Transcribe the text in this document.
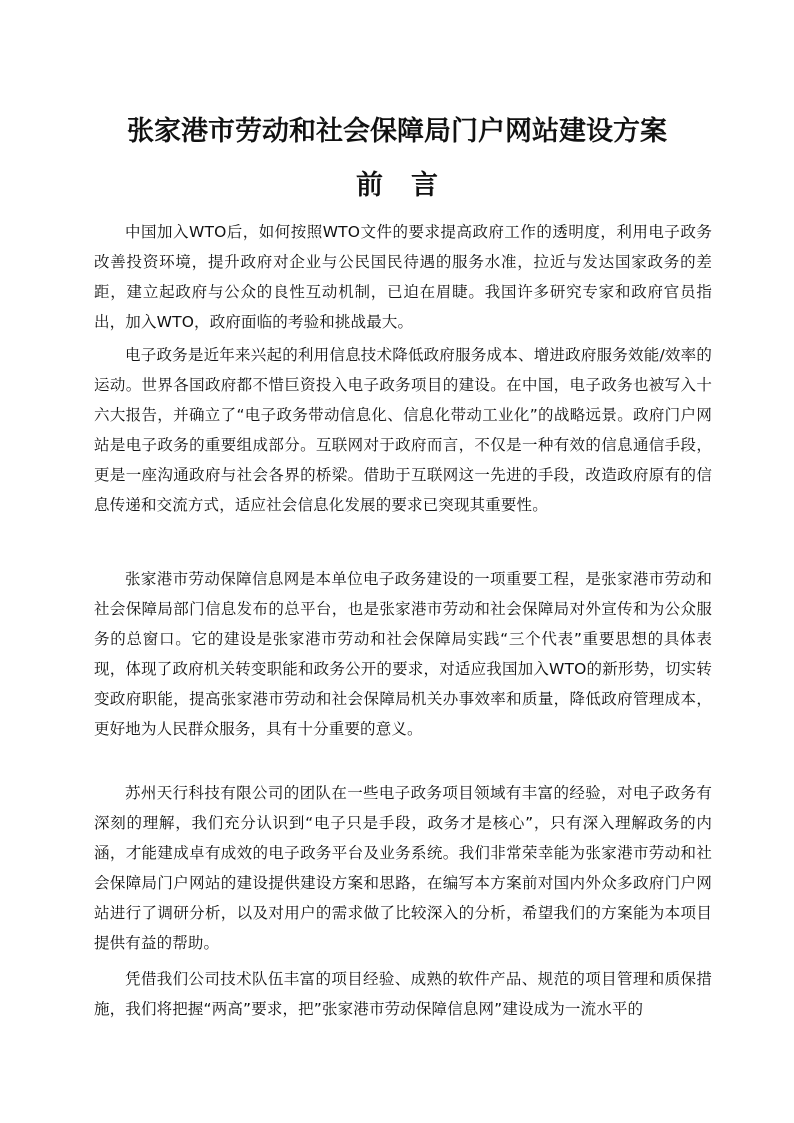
张家港市劳动和社会保障局门户网站建设方案
前 言
中国加入WTO后，如何按照WTO文件的要求提高政府工作的透明度，利用电子政务改善投资环境，提升政府对企业与公民国民待遇的服务水准，拉近与发达国家政务的差距，建立起政府与公众的良性互动机制，已迫在眉睫。我国许多研究专家和政府官员指出，加入WTO，政府面临的考验和挑战最大。
电子政务是近年来兴起的利用信息技术降低政府服务成本、增进政府服务效能/效率的运动。世界各国政府都不惜巨资投入电子政务项目的建设。在中国，电子政务也被写入十六大报告，并确立了“电子政务带动信息化、信息化带动工业化”的战略远景。政府门户网站是电子政务的重要组成部分。互联网对于政府而言，不仅是一种有效的信息通信手段，更是一座沟通政府与社会各界的桥梁。借助于互联网这一先进的手段，改造政府原有的信息传递和交流方式，适应社会信息化发展的要求已突现其重要性。
张家港市劳动保障信息网是本单位电子政务建设的一项重要工程，是张家港市劳动和社会保障局部门信息发布的总平台，也是张家港市劳动和社会保障局对外宣传和为公众服务的总窗口。它的建设是张家港市劳动和社会保障局实践“三个代表”重要思想的具体表现，体现了政府机关转变职能和政务公开的要求，对适应我国加入WTO的新形势，切实转变政府职能，提高张家港市劳动和社会保障局机关办事效率和质量，降低政府管理成本，更好地为人民群众服务，具有十分重要的意义。
苏州天行科技有限公司的团队在一些电子政务项目领域有丰富的经验，对电子政务有深刻的理解，我们充分认识到“电子只是手段，政务才是核心”，只有深入理解政务的内涵，才能建成卓有成效的电子政务平台及业务系统。我们非常荣幸能为张家港市劳动和社会保障局门户网站的建设提供建设方案和思路，在编写本方案前对国内外众多政府门户网站进行了调研分析，以及对用户的需求做了比较深入的分析，希望我们的方案能为本项目提供有益的帮助。
凭借我们公司技术队伍丰富的项目经验、成熟的软件产品、规范的项目管理和质保措施，我们将把握“两高”要求，把”张家港市劳动保障信息网”建设成为一流水平的
